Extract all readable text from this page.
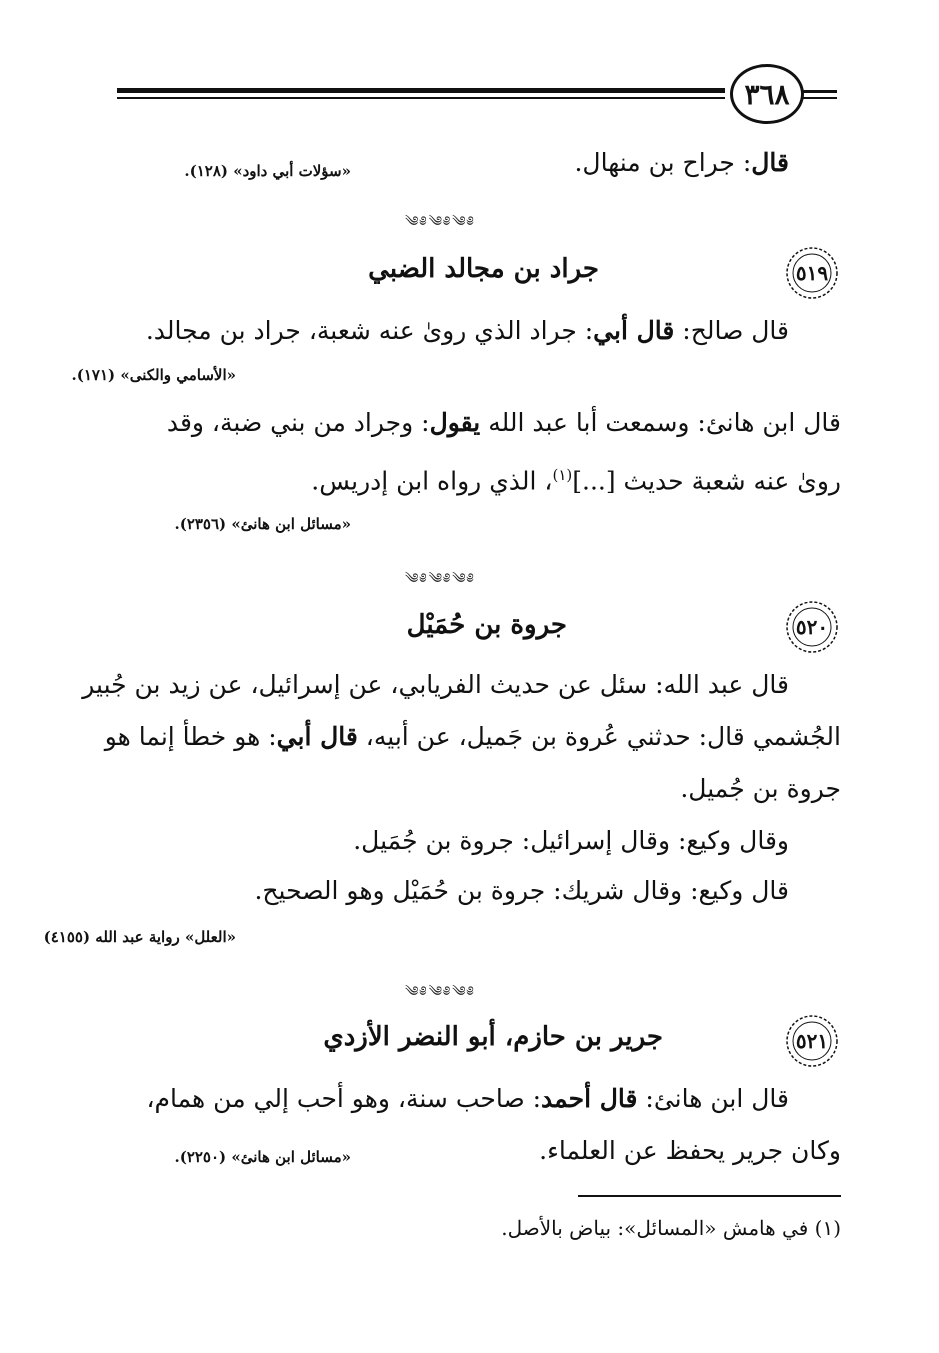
٣٦٨
قال: جراح بن منهال.
«سؤلات أبي داود» (١٢٨).
༄༅༄༅༄༅
٥١٩
جراد بن مجالد الضبي
قال صالح: قال أبي: جراد الذي روىٰ عنه شعبة، جراد بن مجالد.
«الأسامي والكنى» (١٧١).
قال ابن هانئ: وسمعت أبا عبد الله يقول: وجراد من بني ضبة، وقد
روىٰ عنه شعبة حديث [...]$^{(١)}$، الذي رواه ابن إدريس.
«مسائل ابن هانئ» (٢٣٥٦).
༄༅༄༅༄༅
٥٢٠
جروة بن حُمَيْل
قال عبد الله: سئل عن حديث الفريابي، عن إسرائيل، عن زيد بن جُبير
الجُشمي قال: حدثني عُروة بن جَميل، عن أبيه، قال أبي: هو خطأ إنما هو
جروة بن جُميل.
وقال وكيع: وقال إسرائيل: جروة بن جُمَيل.
قال وكيع: وقال شريك: جروة بن حُمَيْل وهو الصحيح.
«العلل» رواية عبد الله (٤١٥٥)
༄༅༄༅༄༅
٥٢١
جرير بن حازم، أبو النضر الأزدي
قال ابن هانئ: قال أحمد: صاحب سنة، وهو أحب إلي من همام،
وكان جرير يحفظ عن العلماء.
«مسائل ابن هانئ» (٢٢٥٠).
(١) في هامش «المسائل»: بياض بالأصل.
